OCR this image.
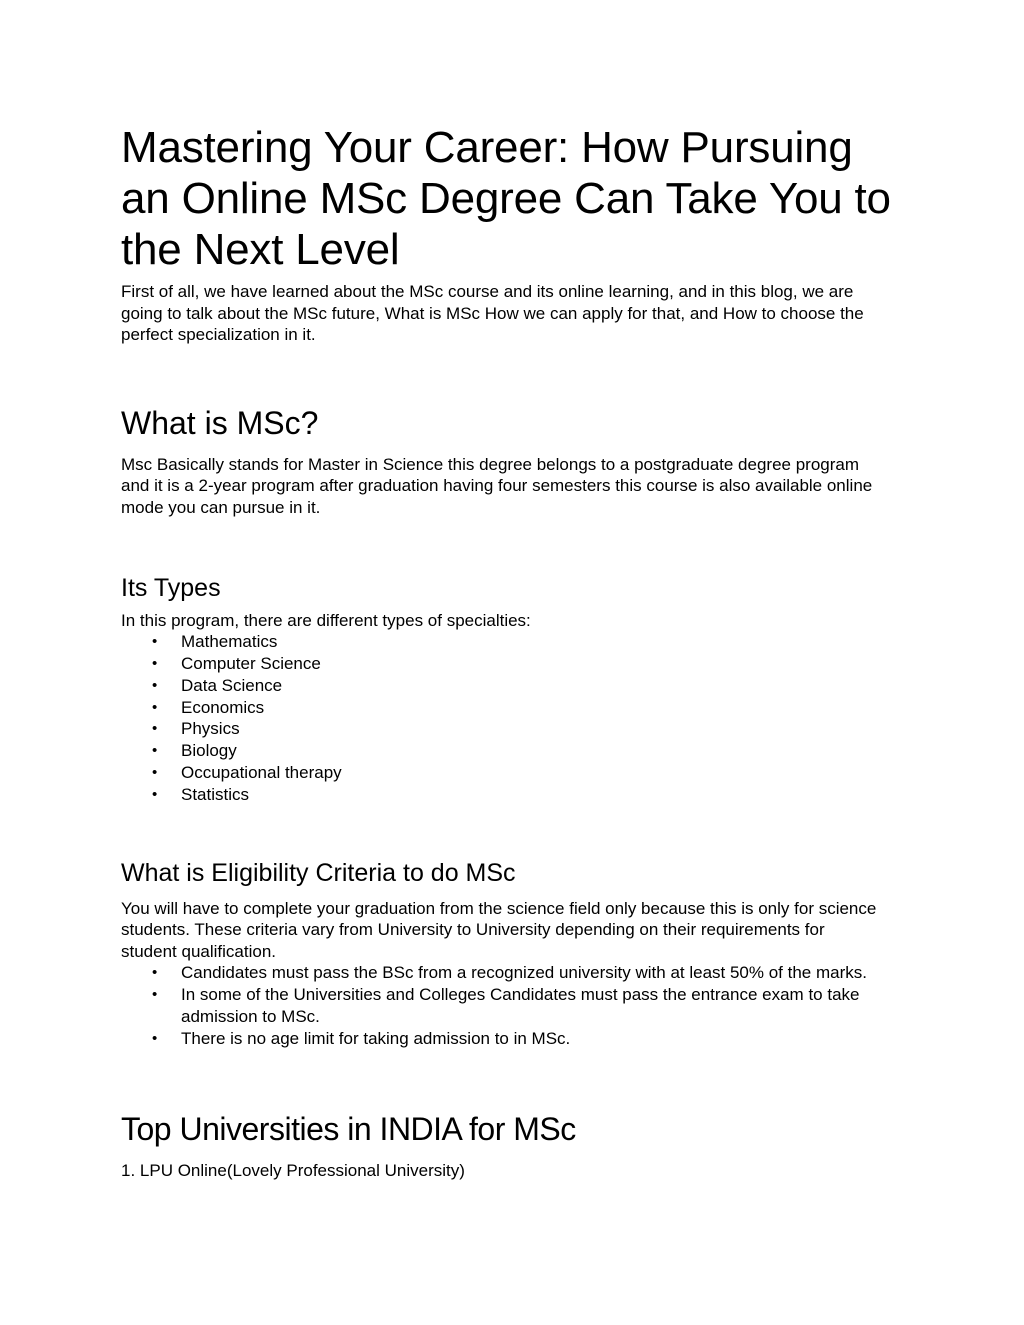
Mastering Your Career: How Pursuing an Online MSc Degree Can Take You to the Next Level

First of all, we have learned about the MSc course and its online learning, and in this blog, we are going to talk about the MSc future, What is MSc How we can apply for that, and How to choose the perfect specialization in it.

What is MSc?

Msc Basically stands for Master in Science this degree belongs to a postgraduate degree program and it is a 2-year program after graduation having four semesters this course is also available online mode you can pursue in it.

Its Types

In this program, there are different types of specialties:

• Mathematics
• Computer Science
• Data Science
• Economics
• Physics
• Biology
• Occupational therapy
• Statistics
What is Eligibility Criteria to do MSc

You will have to complete your graduation from the science field only because this is only for science students. These criteria vary from University to University depending on their requirements for student qualification.

• Candidates must pass the BSc from a recognized university with at least 50% of the marks.
• In some of the Universities and Colleges Candidates must pass the entrance exam to take admission to MSc.
• There is no age limit for taking admission to in MSc.
Top Universities in INDIA for MSc

1. LPU Online(Lovely Professional University)
